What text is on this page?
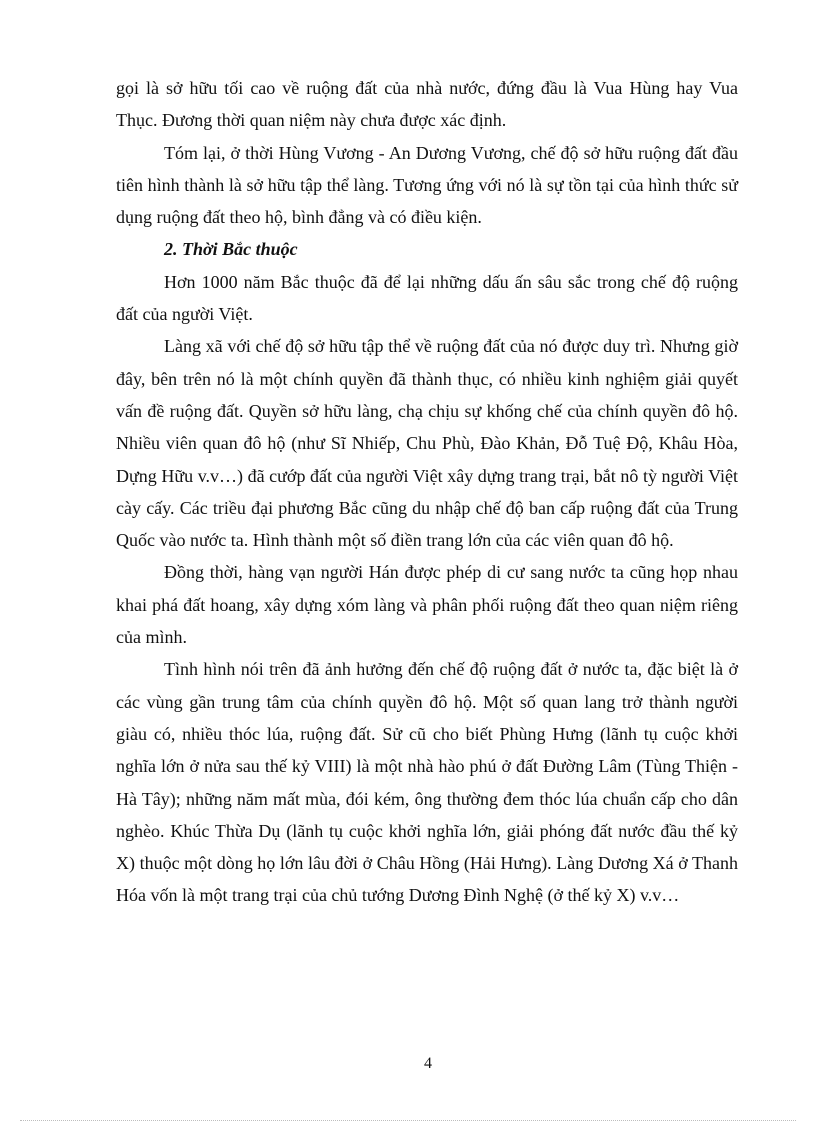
gọi là sở hữu tối cao về ruộng đất của nhà nước, đứng đầu là Vua Hùng hay Vua Thục. Đương thời quan niệm này chưa được xác định.

Tóm lại, ở thời Hùng Vương - An Dương Vương, chế độ sở hữu ruộng đất đầu tiên hình thành là sở hữu tập thể làng. Tương ứng với nó là sự tồn tại của hình thức sử dụng ruộng đất theo hộ, bình đẳng và có điều kiện.

2. Thời Bắc thuộc

Hơn 1000 năm Bắc thuộc đã để lại những dấu ấn sâu sắc trong chế độ ruộng đất của người Việt.

Làng xã với chế độ sở hữu tập thể về ruộng đất của nó được duy trì. Nhưng giờ đây, bên trên nó là một chính quyền đã thành thục, có nhiều kinh nghiệm giải quyết vấn đề ruộng đất. Quyền sở hữu làng, chạ chịu sự khống chế của chính quyền đô hộ. Nhiều viên quan đô hộ (như Sĩ Nhiếp, Chu Phù, Đào Khản, Đỗ Tuệ Độ, Khâu Hòa, Dựng Hữu v.v…) đã cướp đất của người Việt xây dựng trang trại, bắt nô tỳ người Việt cày cấy. Các triều đại phương Bắc cũng du nhập chế độ ban cấp ruộng đất của Trung Quốc vào nước ta. Hình thành một số điền trang lớn của các viên quan đô hộ.

Đồng thời, hàng vạn người Hán được phép di cư sang nước ta cũng họp nhau khai phá đất hoang, xây dựng xóm làng và phân phối ruộng đất theo quan niệm riêng của mình.

Tình hình nói trên đã ảnh hưởng đến chế độ ruộng đất ở nước ta, đặc biệt là ở các vùng gần trung tâm của chính quyền đô hộ. Một số quan lang trở thành người giàu có, nhiều thóc lúa, ruộng đất. Sử cũ cho biết Phùng Hưng (lãnh tụ cuộc khởi nghĩa lớn ở nửa sau thế kỷ VIII) là một nhà hào phú ở đất Đường Lâm (Tùng Thiện - Hà Tây); những năm mất mùa, đói kém, ông thường đem thóc lúa chuẩn cấp cho dân nghèo. Khúc Thừa Dụ (lãnh tụ cuộc khởi nghĩa lớn, giải phóng đất nước đầu thế kỷ X) thuộc một dòng họ lớn lâu đời ở Châu Hồng (Hải Hưng). Làng Dương Xá ở Thanh Hóa vốn là một trang trại của chủ tướng Dương Đình Nghệ (ở thế kỷ X) v.v…

4
